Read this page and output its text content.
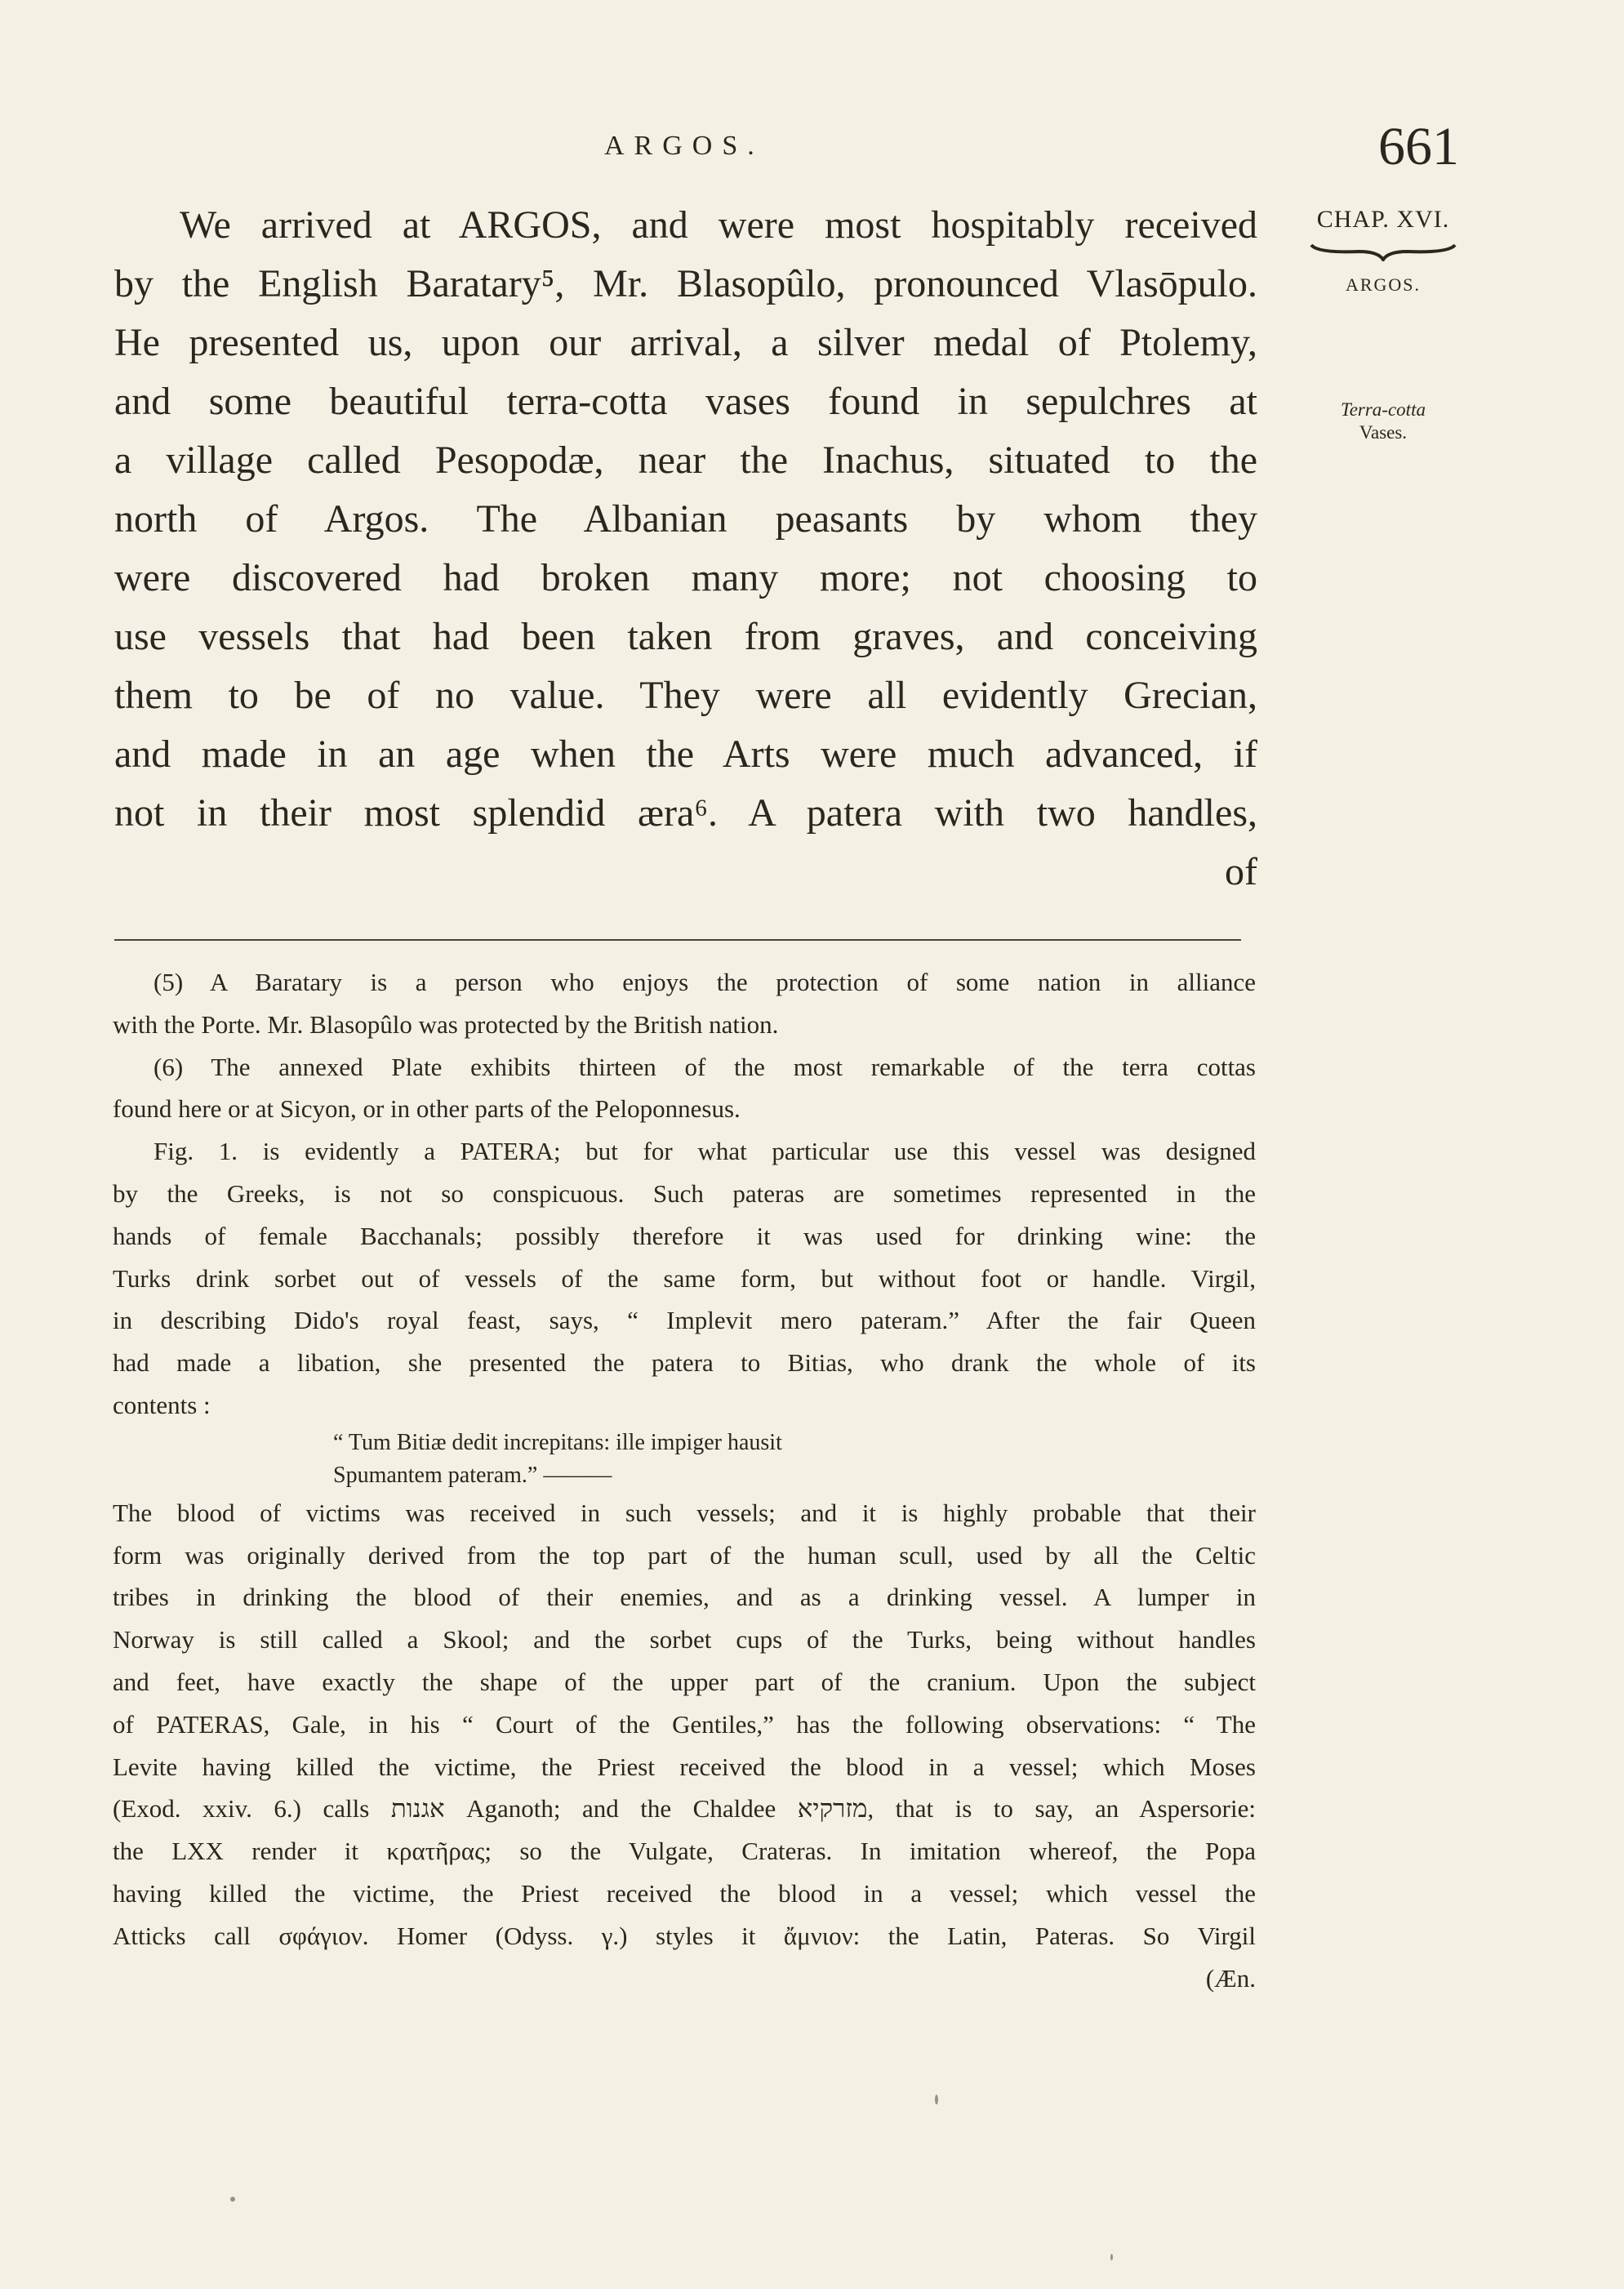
ARGOS.	661
CHAP. XVI.
ARGOS.
Terra-cotta
Vases.
We arrived at ARGOS, and were most hospitably received
by the English Baratary⁵, Mr. Blasopûlo, pronounced Vlasōpulo.
He presented us, upon our arrival, a silver medal of Ptolemy,
and some beautiful terra-cotta vases found in sepulchres at
a village called Pesopodæ, near the Inachus, situated to the
north of Argos. The Albanian peasants by whom they
were discovered had broken many more; not choosing to
use vessels that had been taken from graves, and conceiving
them to be of no value. They were all evidently Grecian,
and made in an age when the Arts were much advanced, if
not in their most splendid æra⁶. A patera with two handles,
of
(5) A Baratary is a person who enjoys the protection of some nation in alliance
with the Porte. Mr. Blasopûlo was protected by the British nation.
(6) The annexed Plate exhibits thirteen of the most remarkable of the terra cottas
found here or at Sicyon, or in other parts of the Peloponnesus.
Fig. 1. is evidently a PATERA; but for what particular use this vessel was designed
by the Greeks, is not so conspicuous. Such pateras are sometimes represented in the
hands of female Bacchanals; possibly therefore it was used for drinking wine: the
Turks drink sorbet out of vessels of the same form, but without foot or handle. Virgil,
in describing Dido's royal feast, says, “ Implevit mero pateram.” After the fair Queen
had made a libation, she presented the patera to Bitias, who drank the whole of its
contents :
“ Tum Bitiæ dedit increpitans: ille impiger hausit
Spumantem pateram.” ———
The blood of victims was received in such vessels; and it is highly probable that their
form was originally derived from the top part of the human scull, used by all the Celtic
tribes in drinking the blood of their enemies, and as a drinking vessel. A lumper in
Norway is still called a Skool; and the sorbet cups of the Turks, being without handles
and feet, have exactly the shape of the upper part of the cranium. Upon the subject
of PATERAS, Gale, in his “ Court of the Gentiles,” has the following observations: “ The
Levite having killed the victime, the Priest received the blood in a vessel; which Moses
(Exod. xxiv. 6.) calls אגנות Aganoth; and the Chaldee מזרקיא, that is to say, an Aspersorie:
the LXX render it κρατῆρας; so the Vulgate, Crateras. In imitation whereof, the Popa
having killed the victime, the Priest received the blood in a vessel; which vessel the
Atticks call σφάγιον. Homer (Odyss. γ.) styles it ἄμνιον: the Latin, Pateras. So Virgil
(Æn.
